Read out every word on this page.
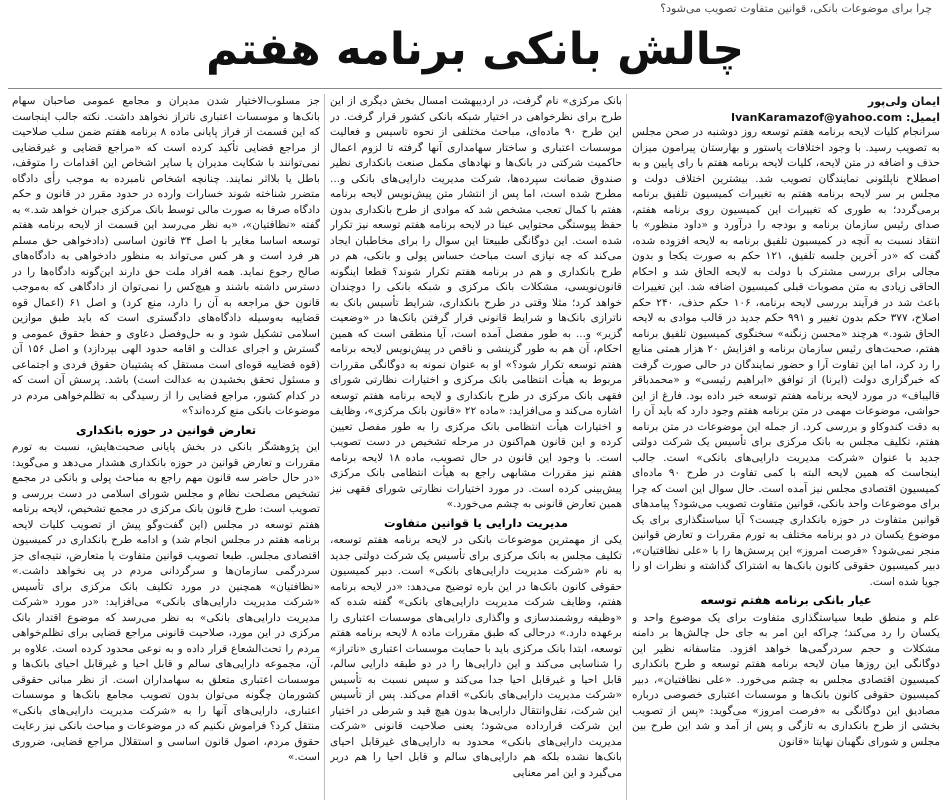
چرا برای موضوعات بانکی، قوانین متفاوت تصویب می‌شود؟
چالش بانکی برنامه هفتم

ایمان ولی‌پور

ایمیل: IvanKaramazof@yahoo.com

سرانجام کلیات لایحه برنامه هفتم توسعه روز دوشنبه در صحن مجلس به تصویب رسید. با وجود اختلافات پاستور و بهارستان پیرامون میزان حذف و اضافه در متن لایحه، کلیات لایحه برنامه هفتم با رای پایین و به اصطلاح ناپلئونی نمایندگان تصویب شد. بیشترین اختلاف دولت و مجلس بر سر لایحه برنامه هفتم به تغییرات کمیسیون تلفیق برنامه برمی‌گردد؛ به طوری که تغییرات این کمیسیون روی برنامه هفتم، صدای رئیس سازمان برنامه و بودجه را درآورد و «داود منظور» با انتقاد نسبت به آنچه در کمیسیون تلفیق برنامه به لایحه افزوده شده، گفت که «در آخرین جلسه تلفیق، ۱۲۱ حکم به صورت یکجا و بدون مجالی برای بررسی مشترک با دولت به لایحه الحاق شد و احکام الحاقی زیادی به متن مصوبات قبلی کمیسیون اضافه شد. این تغییرات باعث شد در فرآیند بررسی لایحه برنامه، ۱۰۶ حکم حذف، ۲۴۰ حکم اصلاح، ۳۷۷ حکم بدون تغییر و ۹۹۱ حکم جدید در قالب موادی به لایحه الحاق شود.» هرچند «محسن زنگنه» سخنگوی کمیسیون تلفیق برنامه هفتم، صحبت‌های رئیس سازمان برنامه و افزایش ۲۰ هزار همتی منابع را رد کرد، اما این تفاوت آرا و حضور نمایندگان در حالی صورت گرفت که خبرگزاری دولت (ایرنا) از توافق «ابراهیم رئیسی» و «محمدباقر قالیباف» در مورد لایحه برنامه هفتم توسعه خبر داده بود. فارغ از این حواشی، موضوعات مهمی در متن برنامه هفتم وجود دارد که باید آن را به دقت کندوکاو و بررسی کرد. از جمله این موضوعات در متن برنامه هفتم، تکلیف مجلس به بانک مرکزی برای تأسیس یک شرکت دولتی جدید با عنوان «شرکت مدیریت دارایی‌های بانکی» است. جالب اینجاست که همین لایحه البته با کمی تفاوت در طرح ۹۰ ماده‌ای کمیسیون اقتصادی مجلس نیز آمده است. حال سوال این است که چرا برای موضوعات واحد بانکی، قوانین متفاوت تصویب می‌شود؟ پیامدهای قوانین متفاوت در حوزه بانکداری چیست؟ آیا سیاستگذاری برای یک موضوع یکسان در دو برنامه مختلف به تورم مقررات و تعارض قوانین منجر نمی‌شود؟ «فرصت امروز» این پرسش‌ها را با «علی نظافتیان»، دبیر کمیسیون حقوقی کانون بانک‌ها به اشتراک گذاشته و نظرات او را جویا شده است.

عیار بانکی برنامه هفتم توسعه

علم و منطق طبعا سیاستگذاری متفاوت برای یک موضوع واحد و یکسان را رد می‌کند؛ چراکه این امر به جای حل چالش‌ها بر دامنه مشکلات و حجم سردرگمی‌ها خواهد افزود. متاسفانه نظیر این دوگانگی این روزها میان لایحه برنامه هفتم توسعه و طرح بانکداری کمیسیون اقتصادی مجلس به چشم می‌خورد. «علی نظافتیان»، دبیر کمیسیون حقوقی کانون بانک‌ها و موسسات اعتباری خصوصی درباره مصادیق این دوگانگی به «فرصت امروز» می‌گوید: «پس از تصویب بخشی از طرح بانکداری به تازگی و پس از آمد و شد این طرح بین مجلس و شورای نگهبان نهایتا «قانون

بانک مرکزی» نام گرفت، در اردیبهشت امسال بخش دیگری از این طرح برای نظرخواهی در اختیار شبکه بانکی کشور قرار گرفت. در این طرح ۹۰ ماده‌ای، مباحث مختلفی از نحوه تاسیس و فعالیت موسسات اعتباری و ساختار سهامداری آنها گرفته تا لزوم اعمال حاکمیت شرکتی در بانک‌ها و نهادهای مکمل صنعت بانکداری نظیر صندوق ضمانت سپرده‌ها، شرکت مدیریت دارایی‌های بانکی و... مطرح شده است، اما پس از انتشار متن پیش‌نویس لایحه برنامه هفتم با کمال تعجب مشخص شد که موادی از طرح بانکداری بدون حفظ پیوستگی محتوایی عینا در لایحه برنامه هفتم توسعه نیز تکرار شده است. این دوگانگی طبیعتا این سوال را برای مخاطبان ایجاد می‌کند که چه نیازی است مباحث حساس پولی و بانکی، هم در طرح بانکداری و هم در برنامه هفتم تکرار شوند؟ قطعا اینگونه قانون‌نویسی، مشکلات بانک مرکزی و شبکه بانکی را دوچندان خواهد کرد؛ مثلا وقتی در طرح بانکداری، شرایط تأسیس بانک به ناترازی بانک‌ها و شرایط قانونی قرار گرفتن بانک‌ها در «وضعیت گزیر» و... به طور مفصل آمده است، آیا منطقی است که همین احکام، آن هم به طور گزینشی و ناقص در پیش‌نویس لایحه برنامه هفتم توسعه تکرار شود؟» او به عنوان نمونه به دوگانگی مقررات مربوط به هیأت انتظامی بانک مرکزی و اختیارات نظارتی شورای فقهی بانک مرکزی در طرح بانکداری و لایحه برنامه هفتم توسعه اشاره می‌کند و می‌افزاید: «ماده ۲۲ «قانون بانک مرکزی»، وظایف و اختیارات هیأت انتظامی بانک مرکزی را به طور مفصل تعیین کرده و این قانون هم‌اکنون در مرحله تشخیص در دست تصویب است. با وجود این قانون در حال تصویب، ماده ۱۸ لایحه برنامه هفتم نیز مقررات مشابهی راجع به هیأت انتظامی بانک مرکزی پیش‌بینی کرده است. در مورد اختیارات نظارتی شورای فقهی نیز همین تعارض قانونی به چشم می‌خورد.»

مدیریت دارایی یا قوانین متفاوت

یکی از مهمترین موضوعات بانکی در لایحه برنامه هفتم توسعه، تکلیف مجلس به بانک مرکزی برای تأسیس یک شرکت دولتی جدید به نام «شرکت مدیریت دارایی‌های بانکی» است. دبیر کمیسیون حقوقی کانون بانک‌ها در این باره توضیح می‌دهد: «در لایحه برنامه هفتم، وظایف شرکت مدیریت دارایی‌های بانکی» گفته شده که «وظیفه روشمندسازی و واگذاری دارایی‌های موسسات اعتباری را برعهده دارد.» درحالی که طبق مقررات ماده ۸ لایحه برنامه هفتم توسعه، ابتدا بانک مرکزی باید با حمایت موسسات اعتباری «ناتراز» را شناسایی می‌کند و این دارایی‌ها را در دو طبقه دارایی سالم، قابل احیا و غیرقابل احیا جدا می‌کند و سپس نسبت به تأسیس «شرکت مدیریت دارایی‌های بانکی» اقدام می‌کند. پس از تأسیس این شرکت، نقل‌وانتقال دارایی‌ها بدون هیچ قید و شرطی در اختیار این شرکت قرارداده می‌شود؛ یعنی صلاحیت قانونی «شرکت مدیریت دارایی‌های بانکی» محدود به دارایی‌های غیرقابل احیای بانک‌ها نشده بلکه هم دارایی‌های سالم و قابل احیا را هم دربر می‌گیرد و این امر معنایی

جز مسلوب‌الاختیار شدن مدیران و مجامع عمومی صاحبان سهام بانک‌ها و موسسات اعتباری ناتراز نخواهد داشت. نکته جالب اینجاست که این قسمت از فراز پایانی ماده ۸ برنامه هفتم ضمن سلب صلاحیت از مراجع قضایی تأکید کرده است که «مراجع قضایی و غیرقضایی نمی‌توانند با شکایت مدیران یا سایر اشخاص این اقدامات را متوقف، باطل یا بلااثر نمایند. چنانچه اشخاص نامبرده به موجب رأی دادگاه متضرر شناخته شوند خسارات وارده در حدود مقرر در قانون و حکم دادگاه صرفا به صورت مالی توسط بانک مرکزی جبران خواهد شد.» به گفته «نظافتیان»، «به نظر می‌رسد این قسمت از لایحه برنامه هفتم توسعه اساسا مغایر با اصل ۳۴ قانون اساسی (دادخواهی حق مسلم هر فرد است و هر کس می‌تواند به منظور دادخواهی به دادگاه‌های صالح رجوع نماید. همه افراد ملت حق دارند این‌گونه دادگاه‌ها را در دسترس داشته باشند و هیچ‌کس را نمی‌توان از دادگاهی که به‌موجب قانون حق مراجعه به آن را دارد، منع کرد) و اصل ۶۱ (اعمال قوه قضاییه به‌وسیله دادگاه‌های دادگستری است که باید طبق موازین اسلامی تشکیل شود و به حل‌وفصل دعاوی و حفظ حقوق عمومی و گسترش و اجرای عدالت و اقامه حدود الهی بپردازد) و اصل ۱۵۶ آن (قوه قضاییه قوه‌ای است مستقل که پشتیبان حقوق فردی و اجتماعی و مسئول تحقق بخشیدن به عدالت است) باشد. پرسش آن است که در کدام کشور، مراجع قضایی را از رسیدگی به تظلم‌خواهی مردم در موضوعات بانکی منع کرده‌اند؟»

تعارض قوانین در حوزه بانکداری

این پژوهشگر بانکی در بخش پایانی صحبت‌هایش، نسبت به تورم مقررات و تعارض قوانین در حوزه بانکداری هشدار می‌دهد و می‌گوید: «در حال حاضر سه قانون مهم راجع به مباحث پولی و بانکی در مجمع تشخیص مصلحت نظام و مجلس شورای اسلامی در دست بررسی و تصویب است: طرح قانون بانک مرکزی در مجمع تشخیص، لایحه برنامه هفتم توسعه در مجلس (این گفت‌وگو پیش از تصویب کلیات لایحه برنامه هفتم در مجلس انجام شد) و ادامه طرح بانکداری در کمیسیون اقتصادی مجلس. طبعا تصویب قوانین متفاوت یا متعارض، نتیجه‌ای جز سردرگمی سازمان‌ها و سرگردانی مردم در پی نخواهد داشت.» «نظافتیان» همچنین در مورد تکلیف بانک مرکزی برای تأسیس «شرکت مدیریت دارایی‌های بانکی» می‌افزاید: «در مورد «شرکت مدیریت دارایی‌های بانکی» به نظر می‌رسد که موضوع اقتدار بانک مرکزی در این مورد، صلاحیت قانونی مراجع قضایی برای تظلم‌خواهی مردم را تحت‌الشعاع قرار داده و به نوعی محدود کرده است. علاوه بر آن، مجموعه دارایی‌های سالم و قابل احیا و غیرقابل احیای بانک‌ها و موسسات اعتباری متعلق به سهامداران است. از نظر مبانی حقوقی کشورمان چگونه می‌توان بدون تصویب مجامع بانک‌ها و موسسات اعتباری، دارایی‌های آنها را به «شرکت مدیریت دارایی‌های بانکی» منتقل کرد؟ فراموش نکنیم که در موضوعات و مباحث بانکی نیز رعایت حقوق مردم، اصول قانون اساسی و استقلال مراجع قضایی، ضروری است.»
